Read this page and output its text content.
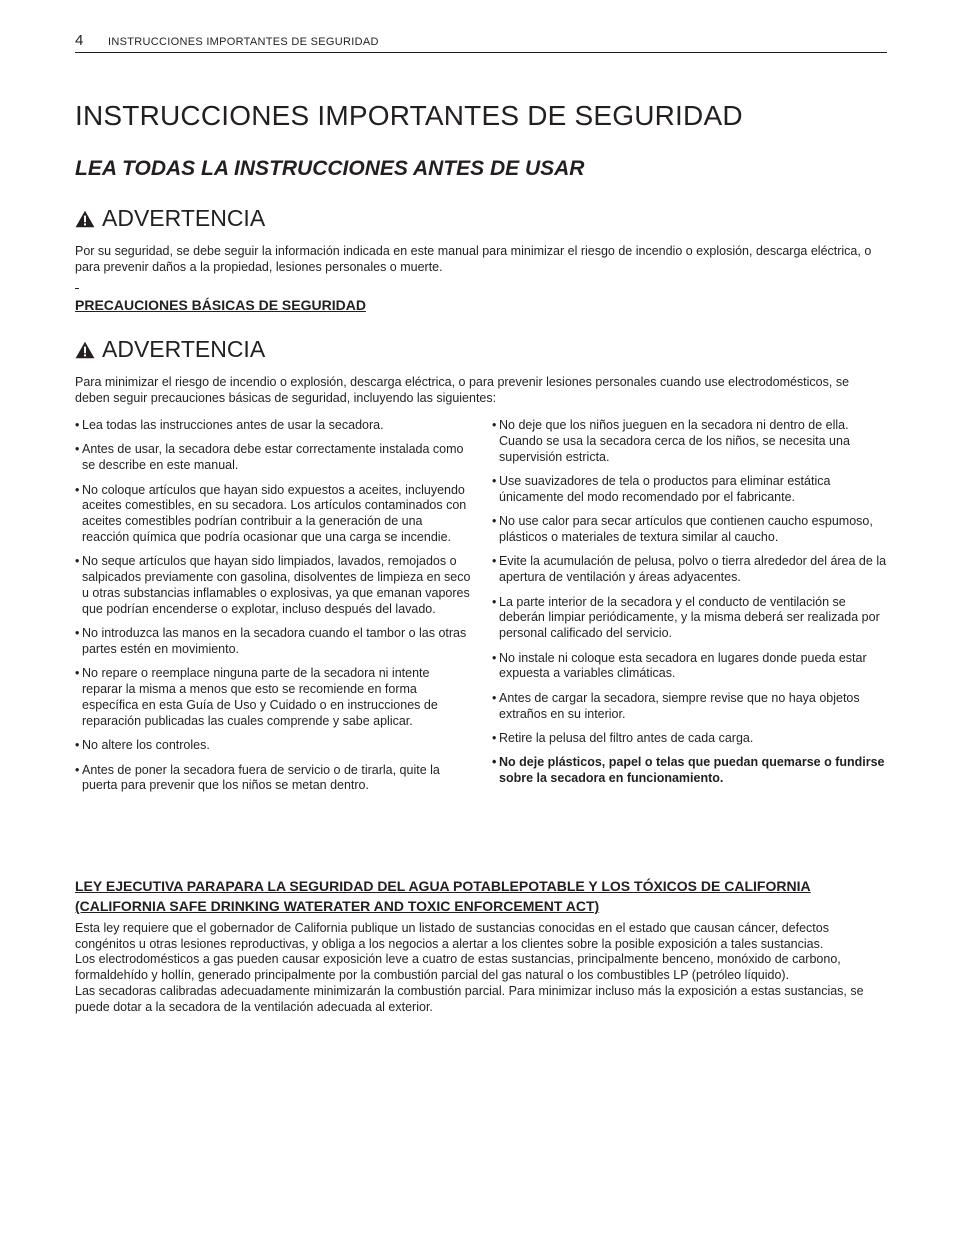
4 INSTRUCCIONES IMPORTANTES DE SEGURIDAD
INSTRUCCIONES IMPORTANTES DE SEGURIDAD
LEA TODAS LA INSTRUCCIONES ANTES DE USAR
ADVERTENCIA

Por su seguridad, se debe seguir la información indicada en este manual para minimizar el riesgo de incendio o explosión, descarga eléctrica, o para prevenir daños a la propiedad, lesiones personales o muerte.

PRECAUCIONES BÁSICAS DE SEGURIDAD
ADVERTENCIA

Para minimizar el riesgo de incendio o explosión, descarga eléctrica, o para prevenir lesiones personales cuando use electrodomésticos, se deben seguir precauciones básicas de seguridad, incluyendo las siguientes:

• Lea todas las instrucciones antes de usar la secadora.
• Antes de usar, la secadora debe estar correctamente instalada como se describe en este manual.
• No coloque artículos que hayan sido expuestos a aceites, incluyendo aceites comestibles, en su secadora. Los artículos contaminados con aceites comestibles podrían contribuir a la generación de una reacción química que podría ocasionar que una carga se incendie.
• No seque artículos que hayan sido limpiados, lavados, remojados o salpicados previamente con gasolina, disolventes de limpieza en seco u otras substancias inflamables o explosivas, ya que emanan vapores que podrían encenderse o explotar, incluso después del lavado.
• No introduzca las manos en la secadora cuando el tambor o las otras partes estén en movimiento.
• No repare o reemplace ninguna parte de la secadora ni intente reparar la misma a menos que esto se recomiende en forma específica en esta Guía de Uso y Cuidado o en instrucciones de reparación publicadas las cuales comprende y sabe aplicar.
• No altere los controles.
• Antes de poner la secadora fuera de servicio o de tirarla, quite la puerta para prevenir que los niños se metan dentro.
• No deje que los niños jueguen en la secadora ni dentro de ella. Cuando se usa la secadora cerca de los niños, se necesita una supervisión estricta.
• Use suavizadores de tela o productos para eliminar estática únicamente del modo recomendado por el fabricante.
• No use calor para secar artículos que contienen caucho espumoso, plásticos o materiales de textura similar al caucho.
• Evite la acumulación de pelusa, polvo o tierra alrededor del área de la apertura de ventilación y áreas adyacentes.
• La parte interior de la secadora y el conducto de ventilación se deberán limpiar periódicamente, y la misma deberá ser realizada por personal calificado del servicio.
• No instale ni coloque esta secadora en lugares donde pueda estar expuesta a variables climáticas.
• Antes de cargar la secadora, siempre revise que no haya objetos extraños en su interior.
• Retire la pelusa del filtro antes de cada carga.
• No deje plásticos, papel o telas que puedan quemarse o fundirse sobre la secadora en funcionamiento.
LEY EJECUTIVA PARAPARA LA SEGURIDAD DEL AGUA POTABLEPOTABLE Y LOS TÓXICOS DE CALIFORNIA
(CALIFORNIA SAFE DRINKING WATERATER AND TOXIC ENFORCEMENT ACT)

Esta ley requiere que el gobernador de California publique un listado de sustancias conocidas en el estado que causan cáncer, defectos congénitos u otras lesiones reproductivas, y obliga a los negocios a alertar a los clientes sobre la posible exposición a tales sustancias.

Los electrodomésticos a gas pueden causar exposición leve a cuatro de estas sustancias, principalmente benceno, monóxido de carbono, formaldehído y hollín, generado principalmente por la combustión parcial del gas natural o los combustibles LP (petróleo líquido).

Las secadoras calibradas adecuadamente minimizarán la combustión parcial. Para minimizar incluso más la exposición a estas sustancias, se puede dotar a la secadora de la ventilación adecuada al exterior.
